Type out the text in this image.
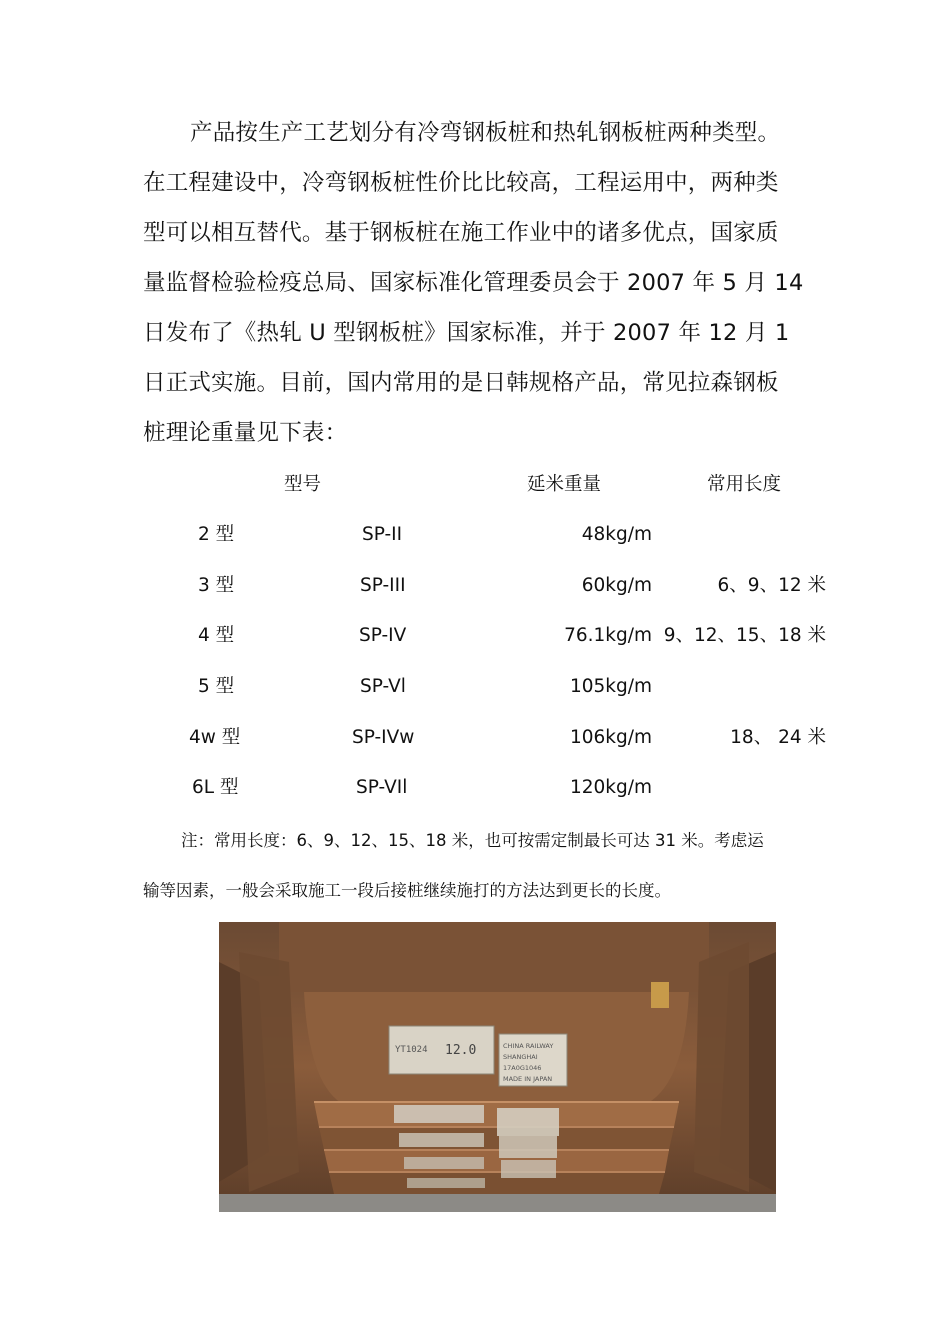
产品按生产工艺划分有冷弯钢板桩和热轧钢板桩两种类型。
在工程建设中，冷弯钢板桩性价比比较高，工程运用中，两种类
型可以相互替代。基于钢板桩在施工作业中的诸多优点，国家质
量监督检验检疫总局、国家标准化管理委员会于 2007 年 5 月 14
日发布了《热轧 U 型钢板桩》国家标准，并于 2007 年 12 月 1
日正式实施。目前，国内常用的是日韩规格产品，常见拉森钢板
桩理论重量见下表：
型号	延米重量	常用长度
2 型	SP-II	48kg/m
3 型	SP-III	60kg/m	6、9、12 米
4 型	SP-IV	76.1kg/m 9、12、15、18 米
5 型	SP-Vl	105kg/m
4w 型	SP-IVw	106kg/m	18、 24 米
6L 型	SP-VIl	120kg/m
注：常用长度：6、9、12、15、18 米，也可按需定制最长可达 31 米。考虑运
输等因素，一般会采取施工一段后接桩继续施打的方法达到更长的长度。
YT1024 12.0	CHINA RAILWAY
SHANGHAI
17A0G1046
MADE IN JAPAN
